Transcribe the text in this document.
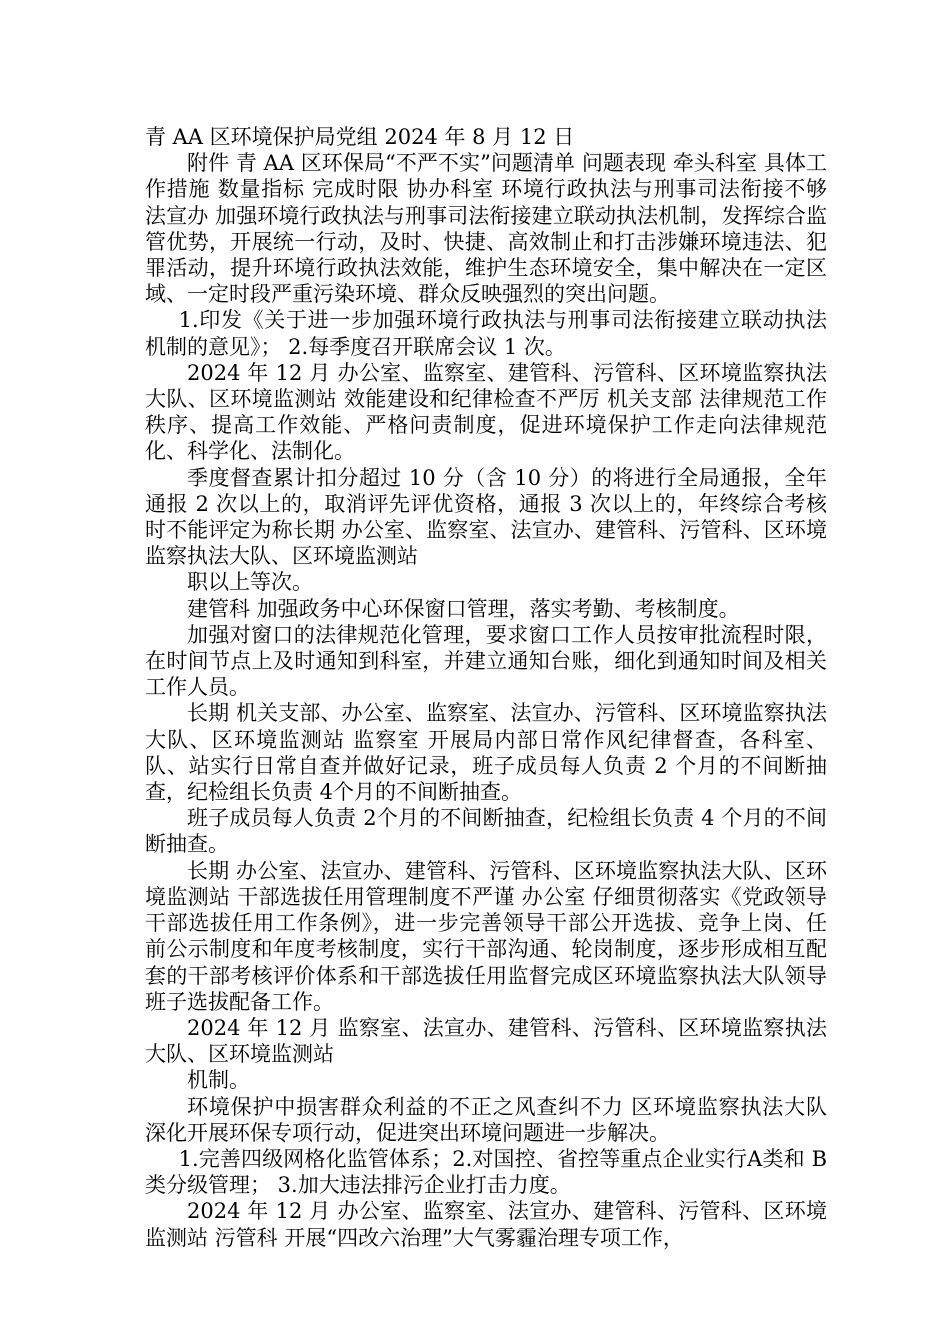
青 AA 区环境保护局党组 2024 年 8 月 12 日

附件 青 AA 区环保局“不严不实”问题清单 问题表现 牵头科室 具体工作措施 数量指标 完成时限 协办科室 环境行政执法与刑事司法衔接不够 法宣办 加强环境行政执法与刑事司法衔接建立联动执法机制，发挥综合监管优势，开展统一行动，及时、快捷、高效制止和打击涉嫌环境违法、犯罪活动，提升环境行政执法效能，维护生态环境安全，集中解决在一定区域、一定时段严重污染环境、群众反映强烈的突出问题。

1.印发《关于进一步加强环境行政执法与刑事司法衔接建立联动执法机制的意见》； 2.每季度召开联席会议 1 次。

2024 年 12 月 办公室、监察室、建管科、污管科、区环境监察执法大队、区环境监测站 效能建设和纪律检查不严厉 机关支部 法律规范工作秩序、提高工作效能、严格问责制度，促进环境保护工作走向法律规范化、科学化、法制化。

季度督查累计扣分超过 10 分（含 10 分）的将进行全局通报，全年通报 2 次以上的，取消评先评优资格，通报 3 次以上的，年终综合考核时不能评定为称长期 办公室、监察室、法宣办、建管科、污管科、区环境监察执法大队、区环境监测站

职以上等次。

建管科 加强政务中心环保窗口管理，落实考勤、考核制度。

加强对窗口的法律规范化管理，要求窗口工作人员按审批流程时限，在时间节点上及时通知到科室，并建立通知台账，细化到通知时间及相关工作人员。

长期 机关支部、办公室、监察室、法宣办、污管科、区环境监察执法大队、区环境监测站 监察室 开展局内部日常作风纪律督查，各科室、队、站实行日常自查并做好记录，班子成员每人负责 2 个月的不间断抽查，纪检组长负责 4个月的不间断抽查。

班子成员每人负责 2个月的不间断抽查，纪检组长负责 4 个月的不间断抽查。

长期 办公室、法宣办、建管科、污管科、区环境监察执法大队、区环境监测站 干部选拔任用管理制度不严谨 办公室 仔细贯彻落实《党政领导干部选拔任用工作条例》，进一步完善领导干部公开选拔、竞争上岗、任前公示制度和年度考核制度，实行干部沟通、轮岗制度，逐步形成相互配套的干部考核评价体系和干部选拔任用监督完成区环境监察执法大队领导班子选拔配备工作。

2024 年 12 月 监察室、法宣办、建管科、污管科、区环境监察执法大队、区环境监测站

机制。

环境保护中损害群众利益的不正之风查纠不力 区环境监察执法大队 深化开展环保专项行动，促进突出环境问题进一步解决。

1.完善四级网格化监管体系；2.对国控、省控等重点企业实行A类和 B 类分级管理； 3.加大违法排污企业打击力度。

2024 年 12 月 办公室、监察室、法宣办、建管科、污管科、区环境监测站 污管科 开展“四改六治理”大气雾霾治理专项工作，
